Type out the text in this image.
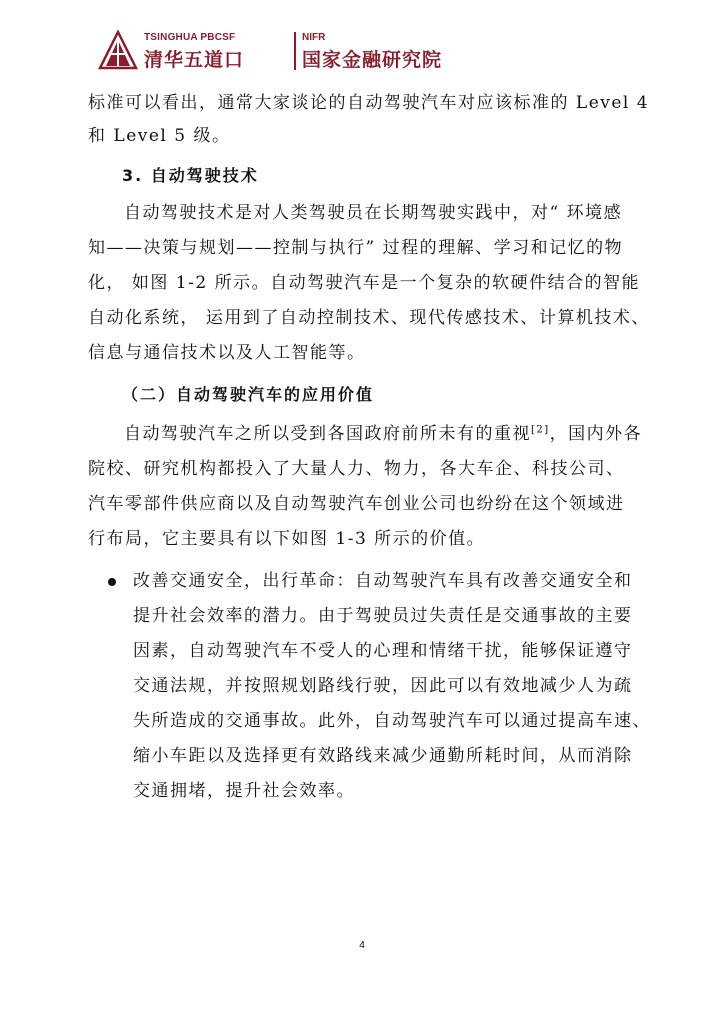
TSINGHUA PBCSF
清华五道口
NIFR
国家金融研究院
标准可以看出，通常大家谈论的自动驾驶汽车对应该标准的 Level 4
和 Level 5 级。
3. 自动驾驶技术
自动驾驶技术是对人类驾驶员在长期驾驶实践中，对“ 环境感
知——决策与规划——控制与执行” 过程的理解、学习和记忆的物
化， 如图 1-2 所示。自动驾驶汽车是一个复杂的软硬件结合的智能
自动化系统， 运用到了自动控制技术、现代传感技术、计算机技术、
信息与通信技术以及人工智能等。
（二）自动驾驶汽车的应用价值
自动驾驶汽车之所以受到各国政府前所未有的重视[2]，国内外各
院校、研究机构都投入了大量人力、物力，各大车企、科技公司、
汽车零部件供应商以及自动驾驶汽车创业公司也纷纷在这个领域进
行布局，它主要具有以下如图 1-3 所示的价值。
改善交通安全，出行革命：自动驾驶汽车具有改善交通安全和
提升社会效率的潜力。由于驾驶员过失责任是交通事故的主要
因素，自动驾驶汽车不受人的心理和情绪干扰，能够保证遵守
交通法规，并按照规划路线行驶，因此可以有效地减少人为疏
失所造成的交通事故。此外，自动驾驶汽车可以通过提高车速、
缩小车距以及选择更有效路线来减少通勤所耗时间，从而消除
交通拥堵，提升社会效率。
4
